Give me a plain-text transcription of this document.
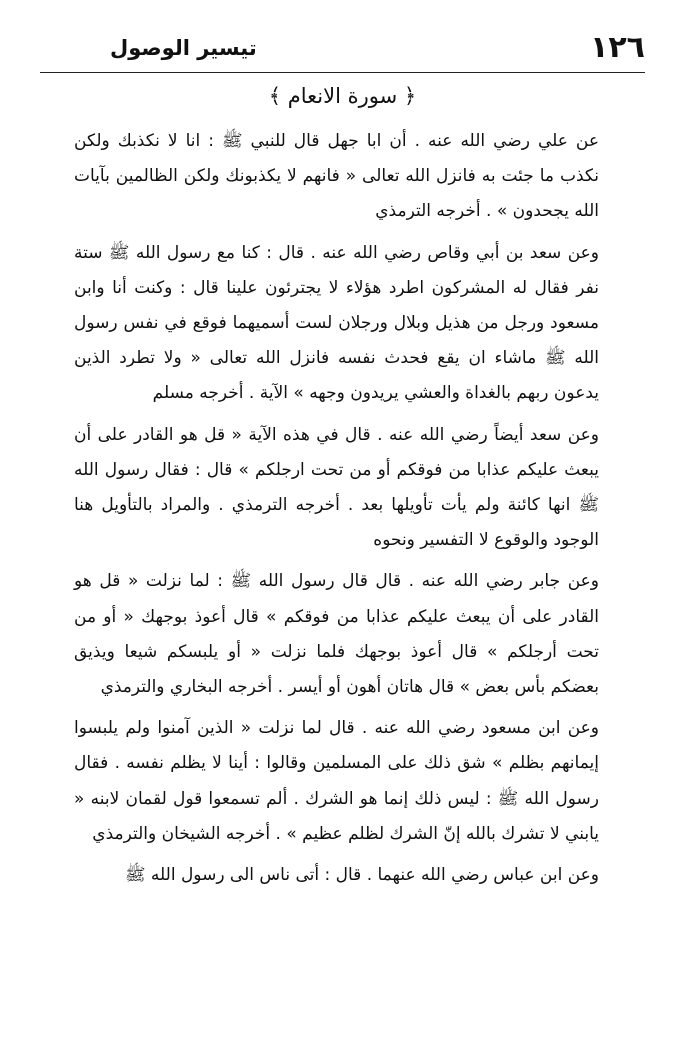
١٢٦
تيسير الوصول
﴿ سورة الانعام ﴾

عن علي رضي الله عنه . أن ابا جهل قال للنبي ﷺ : انا لا نكذبك ولكن نكذب ما جئت به فانزل الله تعالى « فانهم لا يكذبونك ولكن الظالمين بآيات الله يجحدون » . أخرجه الترمذي

وعن سعد بن أبي وقاص رضي الله عنه . قال : كنا مع رسول الله ﷺ ستة نفر فقال له المشركون اطرد هؤلاء لا يجترئون علينا قال : وكنت أنا وابن مسعود ورجل من هذيل وبلال ورجلان لست أسميهما فوقع في نفس رسول الله ﷺ ماشاء ان يقع فحدث نفسه فانزل الله تعالى « ولا تطرد الذين يدعون ربهم بالغداة والعشي يريدون وجهه » الآية . أخرجه مسلم

وعن سعد أيضاً رضي الله عنه . قال في هذه الآية « قل هو القادر على أن يبعث عليكم عذابا من فوقكم أو من تحت ارجلكم » قال : فقال رسول الله ﷺ انها كائنة ولم يأت تأويلها بعد . أخرجه الترمذي . والمراد بالتأويل هنا الوجود والوقوع لا التفسير ونحوه

وعن جابر رضي الله عنه . قال قال رسول الله ﷺ : لما نزلت « قل هو القادر على أن يبعث عليكم عذابا من فوقكم » قال أعوذ بوجهك « أو من تحت أرجلكم » قال أعوذ بوجهك فلما نزلت « أو يلبسكم شيعا ويذيق بعضكم بأس بعض » قال هاتان أهون أو أيسر . أخرجه البخاري والترمذي

وعن ابن مسعود رضي الله عنه . قال لما نزلت « الذين آمنوا ولم يلبسوا إيمانهم بظلم » شق ذلك على المسلمين وقالوا : أينا لا يظلم نفسه . فقال رسول الله ﷺ : ليس ذلك إنما هو الشرك . ألم تسمعوا قول لقمان لابنه « يابني لا تشرك بالله إنّ الشرك لظلم عظيم » . أخرجه الشيخان والترمذي

وعن ابن عباس رضي الله عنهما . قال : أتى ناس الى رسول الله ﷺ
